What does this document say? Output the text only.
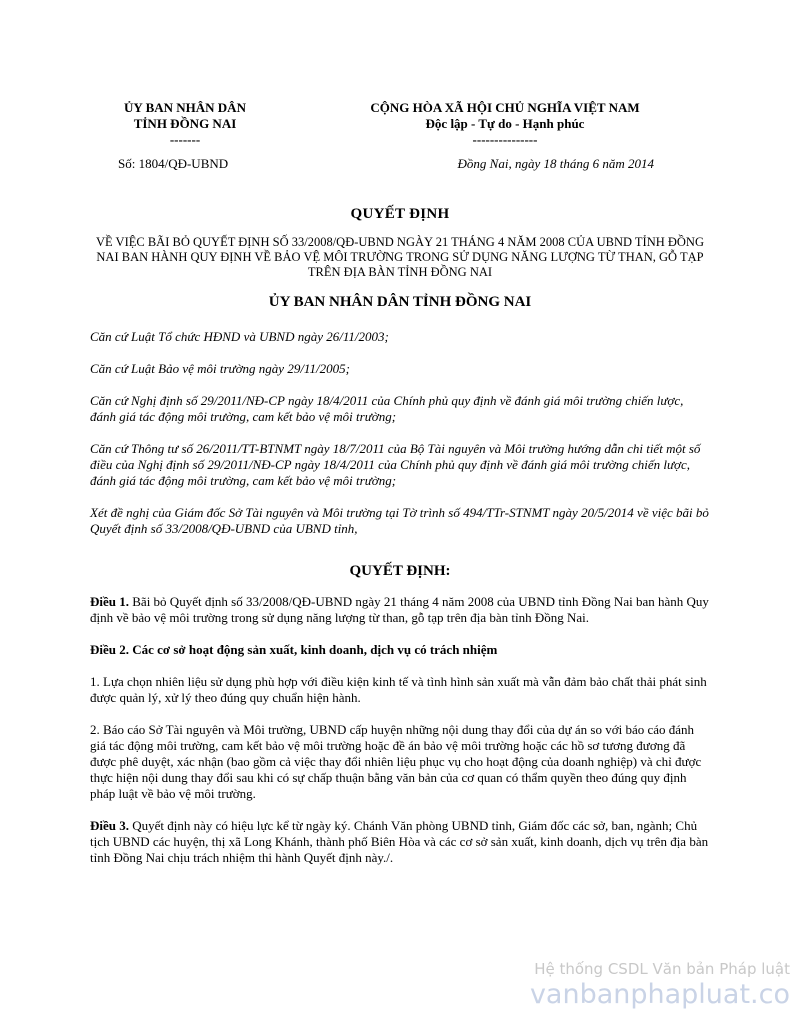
ỦY BAN NHÂN DÂN
TỈNH ĐỒNG NAI
-------
CỘNG HÒA XÃ HỘI CHỦ NGHĨA VIỆT NAM
Độc lập - Tự do - Hạnh phúc
---------------
Số: 1804/QĐ-UBND	Đồng Nai, ngày 18 tháng 6 năm 2014
QUYẾT ĐỊNH
VỀ VIỆC BÃI BỎ QUYẾT ĐỊNH SỐ 33/2008/QĐ-UBND NGÀY 21 THÁNG 4 NĂM 2008 CỦA UBND TỈNH ĐỒNG NAI BAN HÀNH QUY ĐỊNH VỀ BẢO VỆ MÔI TRƯỜNG TRONG SỬ DỤNG NĂNG LƯỢNG TỪ THAN, GỖ TẠP TRÊN ĐỊA BÀN TỈNH ĐỒNG NAI
ỦY BAN NHÂN DÂN TỈNH ĐỒNG NAI

Căn cứ Luật Tổ chức HĐND và UBND ngày 26/11/2003;

Căn cứ Luật Bảo vệ môi trường ngày 29/11/2005;

Căn cứ Nghị định số 29/2011/NĐ-CP ngày 18/4/2011 của Chính phủ quy định về đánh giá môi trường chiến lược, đánh giá tác động môi trường, cam kết bảo vệ môi trường;

Căn cứ Thông tư số 26/2011/TT-BTNMT ngày 18/7/2011 của Bộ Tài nguyên và Môi trường hướng dẫn chi tiết một số điều của Nghị định số 29/2011/NĐ-CP ngày 18/4/2011 của Chính phủ quy định về đánh giá môi trường chiến lược, đánh giá tác động môi trường, cam kết bảo vệ môi trường;

Xét đề nghị của Giám đốc Sở Tài nguyên và Môi trường tại Tờ trình số 494/TTr-STNMT ngày 20/5/2014 về việc bãi bỏ Quyết định số 33/2008/QĐ-UBND của UBND tỉnh,

QUYẾT ĐỊNH:

Điều 1. Bãi bỏ Quyết định số 33/2008/QĐ-UBND ngày 21 tháng 4 năm 2008 của UBND tỉnh Đồng Nai ban hành Quy định về bảo vệ môi trường trong sử dụng năng lượng từ than, gỗ tạp trên địa bàn tỉnh Đồng Nai.

Điều 2. Các cơ sở hoạt động sản xuất, kinh doanh, dịch vụ có trách nhiệm

1. Lựa chọn nhiên liệu sử dụng phù hợp với điều kiện kinh tế và tình hình sản xuất mà vẫn đảm bảo chất thải phát sinh được quản lý, xử lý theo đúng quy chuẩn hiện hành.

2. Báo cáo Sở Tài nguyên và Môi trường, UBND cấp huyện những nội dung thay đổi của dự án so với báo cáo đánh giá tác động môi trường, cam kết bảo vệ môi trường hoặc đề án bảo vệ môi trường hoặc các hồ sơ tương đương đã được phê duyệt, xác nhận (bao gồm cả việc thay đổi nhiên liệu phục vụ cho hoạt động của doanh nghiệp) và chỉ được thực hiện nội dung thay đổi sau khi có sự chấp thuận bằng văn bản của cơ quan có thẩm quyền theo đúng quy định pháp luật về bảo vệ môi trường.

Điều 3. Quyết định này có hiệu lực kể từ ngày ký. Chánh Văn phòng UBND tỉnh, Giám đốc các sở, ban, ngành; Chủ tịch UBND các huyện, thị xã Long Khánh, thành phố Biên Hòa và các cơ sở sản xuất, kinh doanh, dịch vụ trên địa bàn tỉnh Đồng Nai chịu trách nhiệm thi hành Quyết định này./.

Hệ thống CSDL Văn bản Pháp luật
vanbanphapluat.co
